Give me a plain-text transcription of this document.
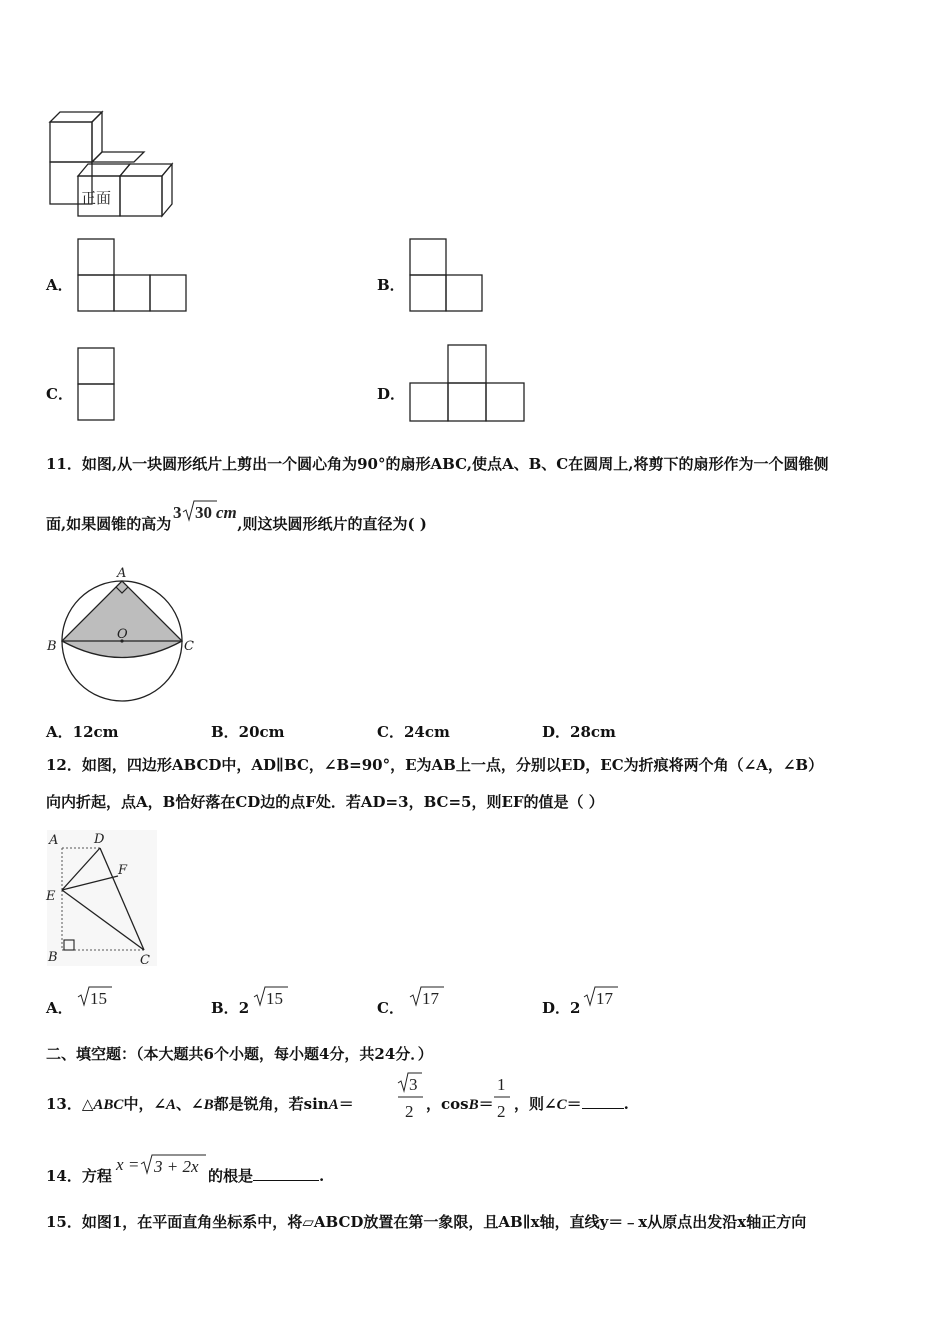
正面
A．	B．
C．	D．
11．如图,从一块圆形纸片上剪出一个圆心角为90°的扇形ABC,使点A、B、C在圆周上,将剪下的扇形作为一个圆锥侧
面,如果圆锥的高为
3 30 cm
,则这块圆形纸片的直径为( )
A
B	C
O
A．12cm	B．20cm	C．24cm	D．28cm
12．如图，四边形ABCD中，AD∥BC，∠B=90°，E为AB上一点，分别以ED，EC为折痕将两个角（∠A，∠B）
向内折起，点A，B恰好落在CD边的点F处．若AD=3，BC=5，则EF的值是（ ）
A	D
F
E
B	C
A． 15	B．2 15	C． 17	D．2 17
二、填空题：（本大题共6个小题，每小题4分，共24分．）
13．△ABC中，∠A、∠B都是锐角，若sinA＝
3
2 ，cosB＝
1
2 ，则∠C＝	.
14．方程
x = 3 + 2x 的根是	.
15．如图1，在平面直角坐标系中，将▱ABCD放置在第一象限，且AB∥x轴，直线y＝﹣x从原点出发沿x轴正方向
